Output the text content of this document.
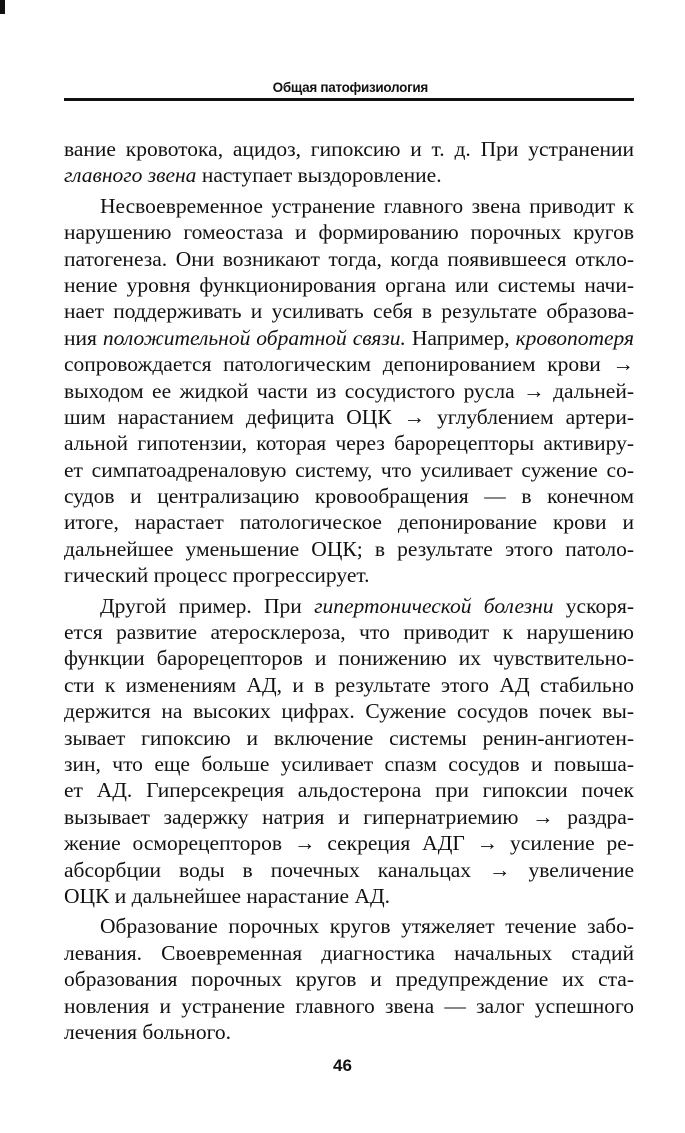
Общая патофизиология
вание кровотока, ацидоз, гипоксию и т. д. При устранении
главного звена наступает выздоровление.
Несвоевременное устранение главного звена приводит к
нарушению гомеостаза и формированию порочных кругов
патогенеза. Они возникают тогда, когда появившееся откло-
нение уровня функционирования органа или системы начи-
нает поддерживать и усиливать себя в результате образова-
ния положительной обратной связи. Например, кровопотеря
сопровождается патологическим депонированием крови →
выходом ее жидкой части из сосудистого русла → дальней-
шим нарастанием дефицита ОЦК → углублением артери-
альной гипотензии, которая через барорецепторы активиру-
ет симпатоадреналовую систему, что усиливает сужение со-
судов и централизацию кровообращения — в конечном
итоге, нарастает патологическое депонирование крови и
дальнейшее уменьшение ОЦК; в результате этого патоло-
гический процесс прогрессирует.
Другой пример. При гипертонической болезни ускоря-
ется развитие атеросклероза, что приводит к нарушению
функции барорецепторов и понижению их чувствительно-
сти к изменениям АД, и в результате этого АД стабильно
держится на высоких цифрах. Сужение сосудов почек вы-
зывает гипоксию и включение системы ренин-ангиотен-
зин, что еще больше усиливает спазм сосудов и повыша-
ет АД. Гиперсекреция альдостерона при гипоксии почек
вызывает задержку натрия и гипернатриемию → раздра-
жение осморецепторов → секреция АДГ → усиление ре-
абсорбции воды в почечных канальцах → увеличение
ОЦК и дальнейшее нарастание АД.
Образование порочных кругов утяжеляет течение забо-
левания. Своевременная диагностика начальных стадий
образования порочных кругов и предупреждение их ста-
новления и устранение главного звена — залог успешного
лечения больного.
46
